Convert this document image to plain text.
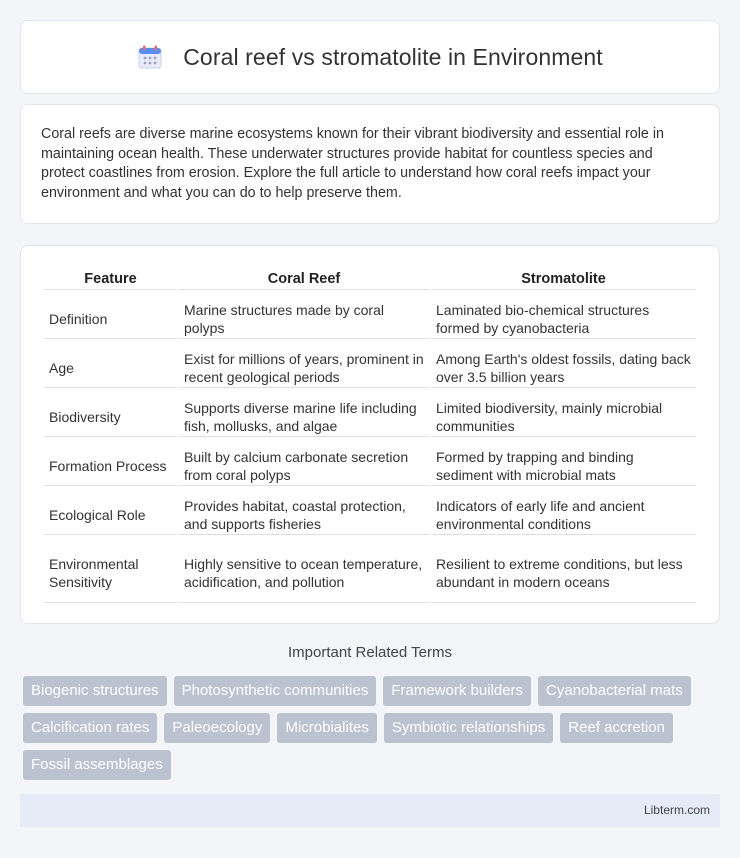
Coral reef vs stromatolite in Environment

Coral reefs are diverse marine ecosystems known for their vibrant biodiversity and essential role in maintaining ocean health. These underwater structures provide habitat for countless species and protect coastlines from erosion. Explore the full article to understand how coral reefs impact your environment and what you can do to help preserve them.

Feature	Coral Reef	Stromatolite
Definition	Marine structures made by coral polyps	Laminated bio-chemical structures formed by cyanobacteria
Age	Exist for millions of years, prominent in recent geological periods	Among Earth's oldest fossils, dating back over 3.5 billion years
Biodiversity	Supports diverse marine life including fish, mollusks, and algae	Limited biodiversity, mainly microbial communities
Formation Process	Built by calcium carbonate secretion from coral polyps	Formed by trapping and binding sediment with microbial mats
Ecological Role	Provides habitat, coastal protection, and supports fisheries	Indicators of early life and ancient environmental conditions
Environmental Sensitivity	Highly sensitive to ocean temperature, acidification, and pollution	Resilient to extreme conditions, but less abundant in modern oceans
Important Related Terms
Biogenic structures	Photosynthetic communities	Framework builders	Cyanobacterial mats
Calcification rates	Paleoecology	Microbialites	Symbiotic relationships	Reef accretion
Fossil assemblages
Libterm.com
